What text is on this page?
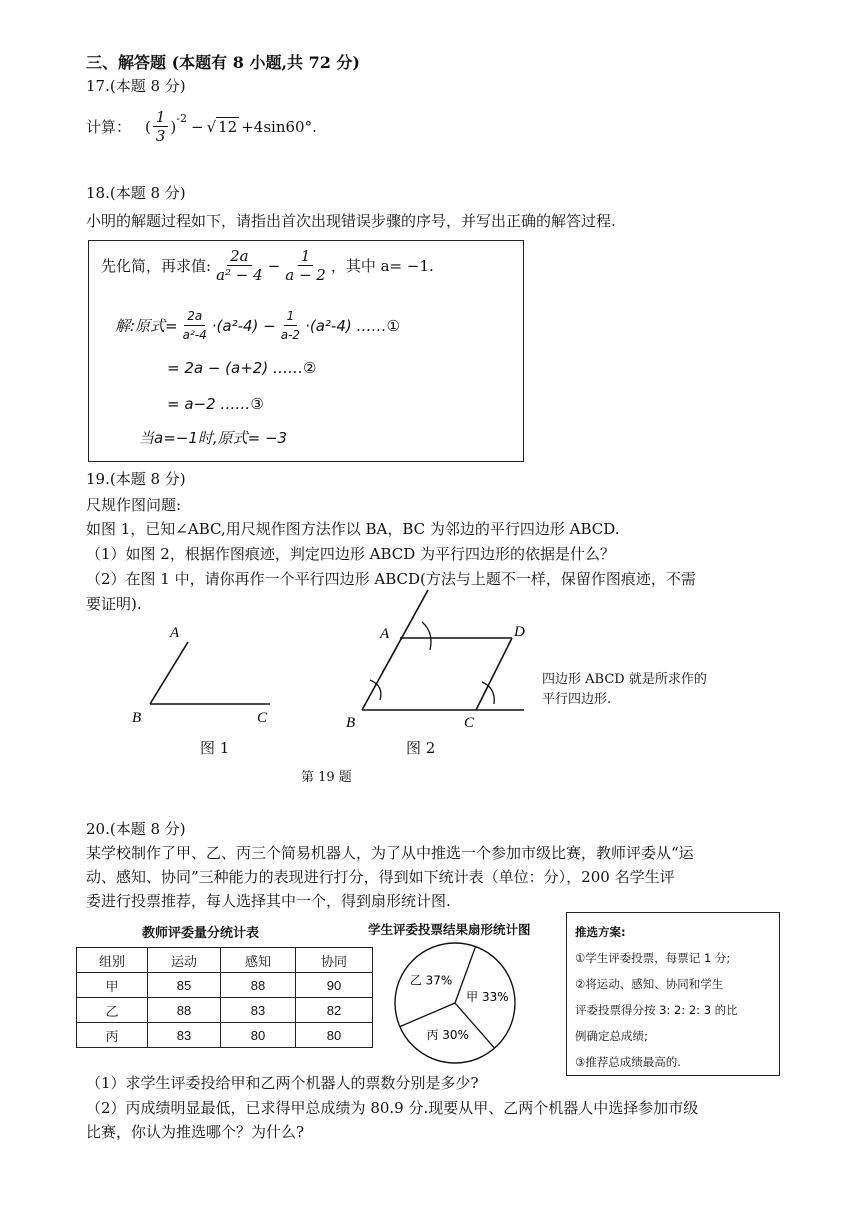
三、解答题 (本题有 8 小题,共 72 分)
17.(本题 8 分)
计算： ( $\frac{1}{3} )^{-2}$ − √ 12 +4sin60°.
18.(本题 8 分)
小明的解题过程如下，请指出首次出现错误步骤的序号，并写出正确的解答过程.
先化简，再求值: $\frac{2a}{\text{a² − 4}} - \frac{1}{a - 2}$ ，其中 a= −1.
解:原式= $\frac{2a}{\text{a²-4}} \cdot(a^2-4) - \frac{1}{a-2} \cdot(a^2-4)$ ……①
= 2a − (a+2) ……②
= a−2 ……③
当a=−1时,原式= −3
19.(本题 8 分)
尺规作图问题:
如图 1，已知∠ABC,用尺规作图方法作以 BA，BC 为邻边的平行四边形 ABCD.
（1）如图 2，根据作图痕迹，判定四边形 ABCD 为平行四边形的依据是什么？
（2）在图 1 中，请你再作一个平行四边形 ABCD(方法与上题不一样，保留作图痕迹，不需
要证明).
A
B	C
图 1
A
B	C
D
图 2
四边形 ABCD 就是所求作的
平行四边形.
第 19 题
20.(本题 8 分)
某学校制作了甲、乙、丙三个简易机器人，为了从中推选一个参加市级比赛，教师评委从“运
动、感知、协同”三种能力的表现进行打分，得到如下统计表（单位：分），200 名学生评
委进行投票推荐，每人选择其中一个，得到扇形统计图.
教师评委量分统计表
组别	运动	感知	协同
甲	85	88	90
乙	88	83	82
丙	83	80	80
学生评委投票结果扇形统计图
甲 33%
丙 30%
乙 37%
推选方案:
①学生评委投票，每票记 1 分;
②将运动、感知、协同和学生
评委投票得分按 3: 2: 2: 3 的比
例确定总成绩;
③推荐总成绩最高的.
（1）求学生评委投给甲和乙两个机器人的票数分别是多少?
（2）丙成绩明显最低，已求得甲总成绩为 80.9 分.现要从甲、乙两个机器人中选择参加市级
比赛，你认为推选哪个？为什么?
